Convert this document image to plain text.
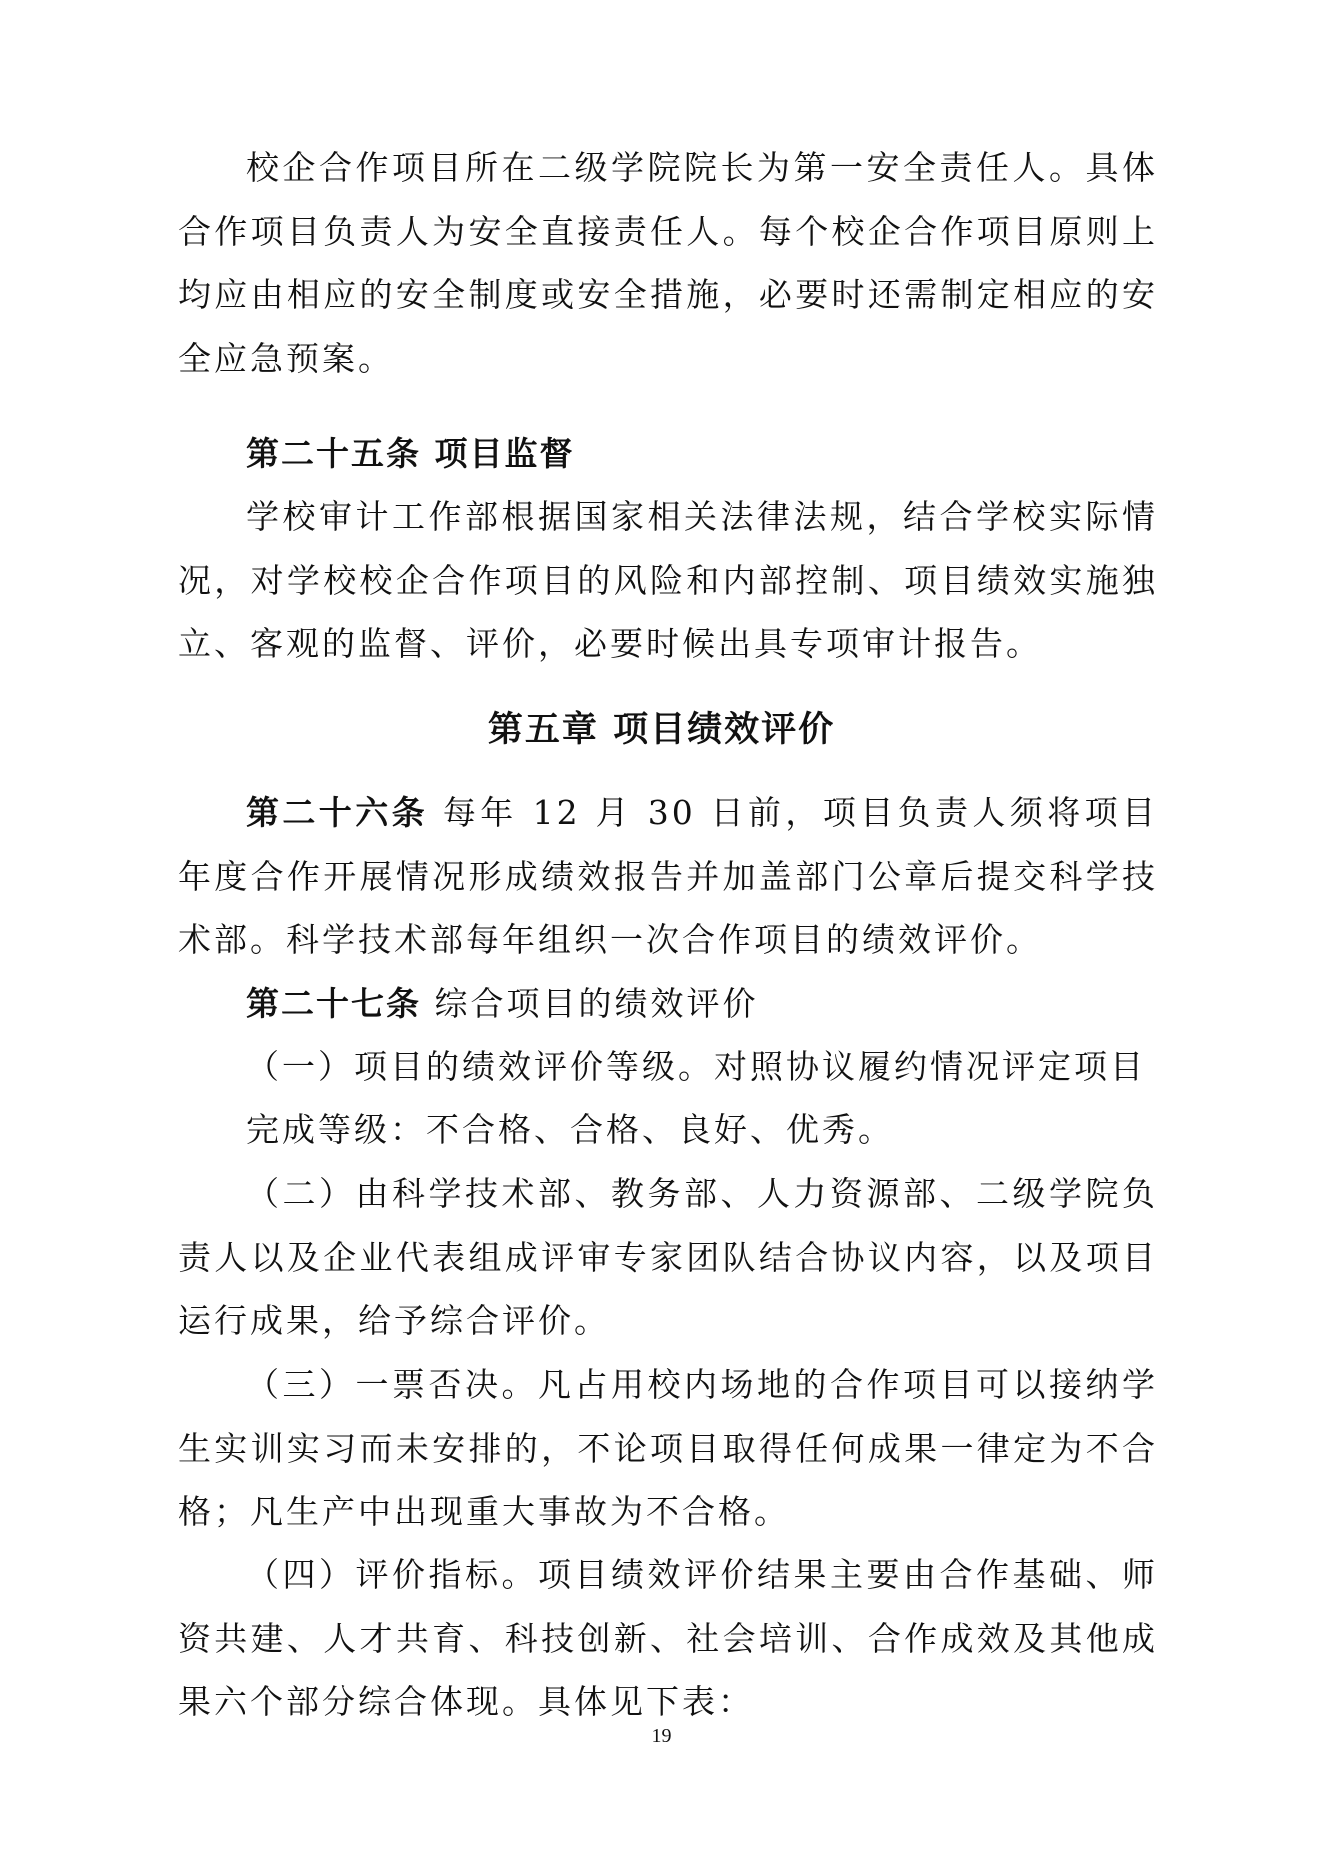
校企合作项目所在二级学院院长为第一安全责任人。具体合作项目负责人为安全直接责任人。每个校企合作项目原则上均应由相应的安全制度或安全措施，必要时还需制定相应的安全应急预案。

第二十五条 项目监督

学校审计工作部根据国家相关法律法规，结合学校实际情况，对学校校企合作项目的风险和内部控制、项目绩效实施独立、客观的监督、评价，必要时候出具专项审计报告。

第五章 项目绩效评价

第二十六条 每年 12 月 30 日前，项目负责人须将项目年度合作开展情况形成绩效报告并加盖部门公章后提交科学技术部。科学技术部每年组织一次合作项目的绩效评价。

第二十七条 综合项目的绩效评价

（一）项目的绩效评价等级。对照协议履约情况评定项目

完成等级：不合格、合格、良好、优秀。

（二）由科学技术部、教务部、人力资源部、二级学院负责人以及企业代表组成评审专家团队结合协议内容，以及项目运行成果，给予综合评价。

（三）一票否决。凡占用校内场地的合作项目可以接纳学生实训实习而未安排的，不论项目取得任何成果一律定为不合格；凡生产中出现重大事故为不合格。

（四）评价指标。项目绩效评价结果主要由合作基础、师资共建、人才共育、科技创新、社会培训、合作成效及其他成果六个部分综合体现。具体见下表：

19
